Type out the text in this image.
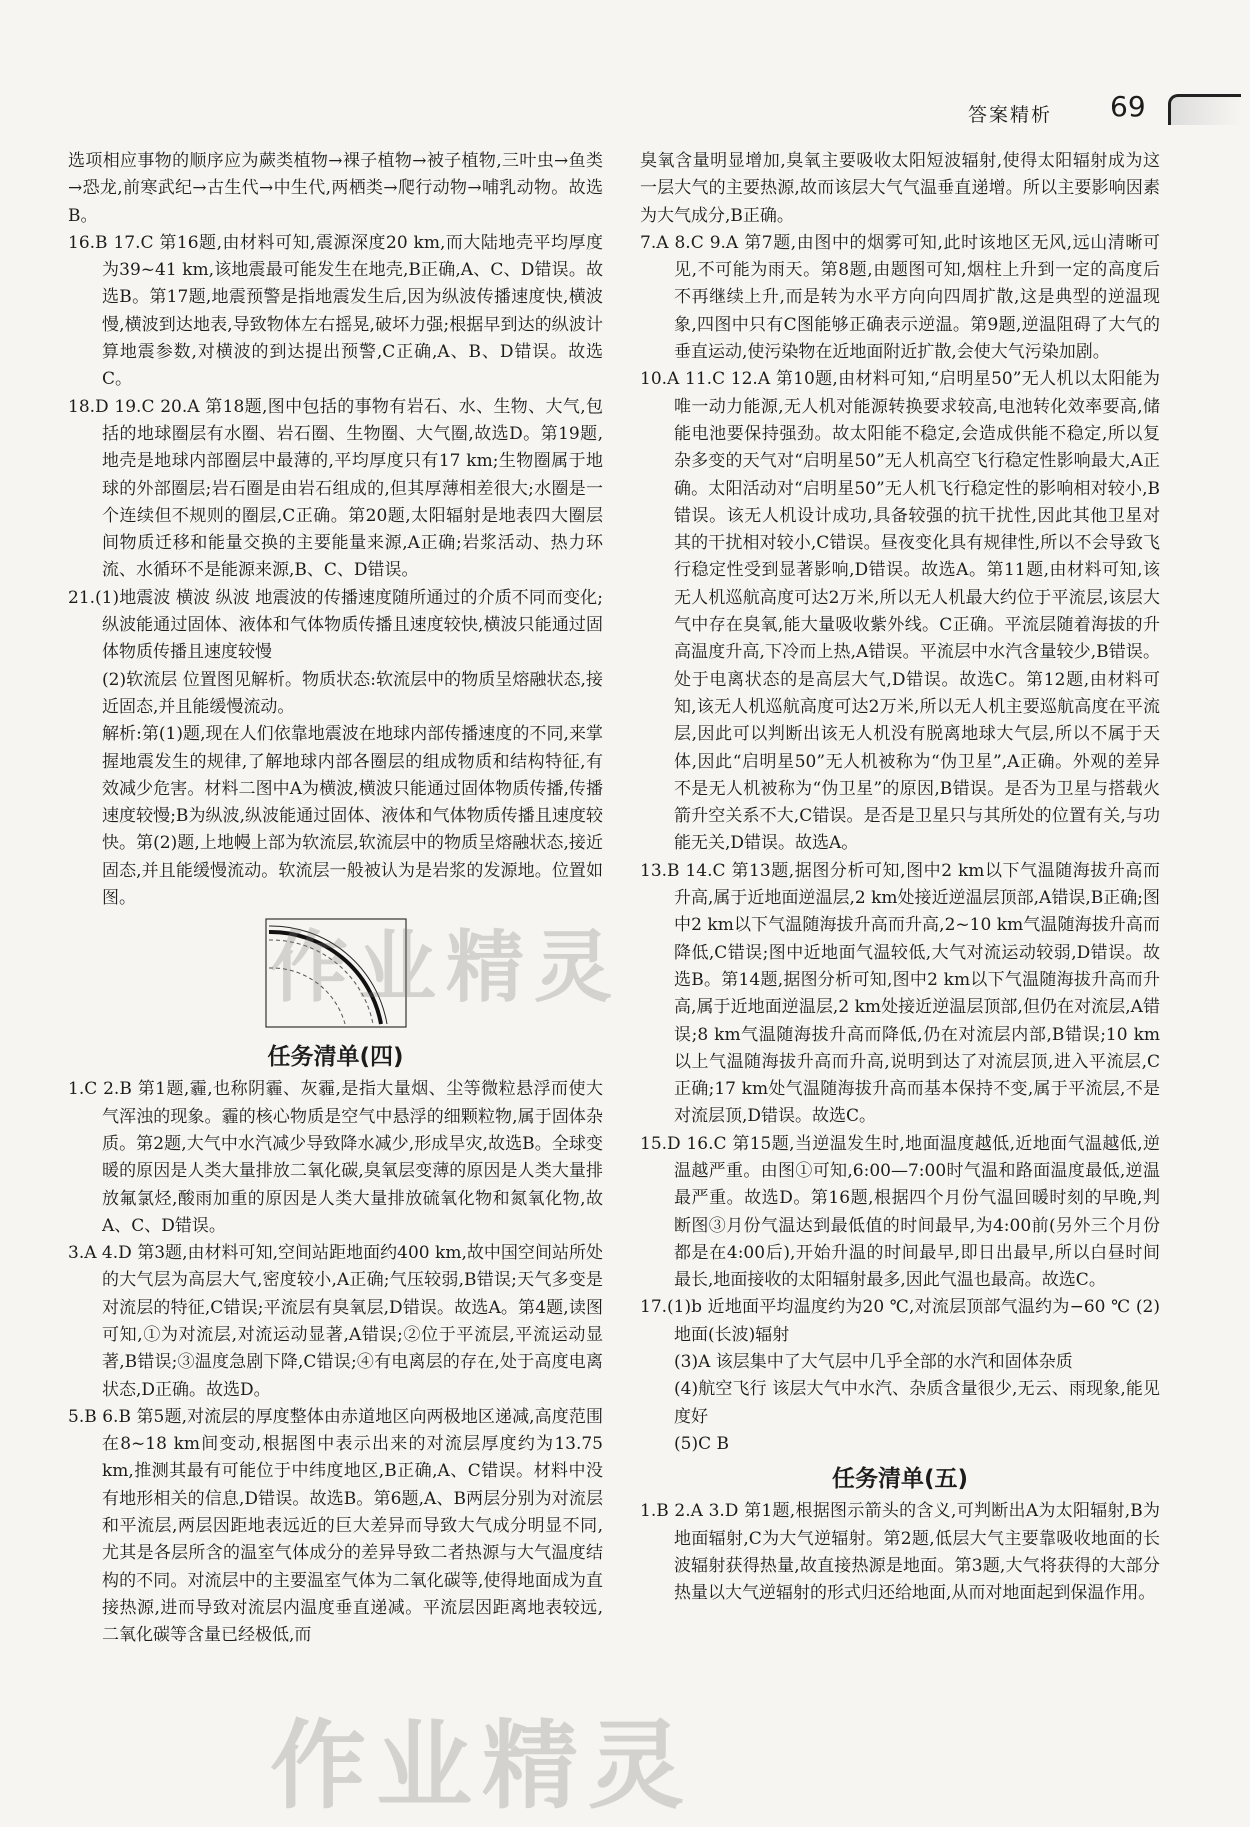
答案精析 69

选项相应事物的顺序应为蕨类植物→裸子植物→被子植物,三叶虫→鱼类→恐龙,前寒武纪→古生代→中生代,两栖类→爬行动物→哺乳动物。故选B。

16.B 17.C 第16题,由材料可知,震源深度20 km,而大陆地壳平均厚度为39~41 km,该地震最可能发生在地壳,B正确,A、C、D错误。故选B。第17题,地震预警是指地震发生后,因为纵波传播速度快,横波慢,横波到达地表,导致物体左右摇晃,破坏力强;根据早到达的纵波计算地震参数,对横波的到达提出预警,C正确,A、B、D错误。故选C。

18.D 19.C 20.A 第18题,图中包括的事物有岩石、水、生物、大气,包括的地球圈层有水圈、岩石圈、生物圈、大气圈,故选D。第19题,地壳是地球内部圈层中最薄的,平均厚度只有17 km;生物圈属于地球的外部圈层;岩石圈是由岩石组成的,但其厚薄相差很大;水圈是一个连续但不规则的圈层,C正确。第20题,太阳辐射是地表四大圈层间物质迁移和能量交换的主要能量来源,A正确;岩浆活动、热力环流、水循环不是能源来源,B、C、D错误。

21.(1)地震波 横波 纵波 地震波的传播速度随所通过的介质不同而变化;纵波能通过固体、液体和气体物质传播且速度较快,横波只能通过固体物质传播且速度较慢

(2)软流层 位置图见解析。物质状态:软流层中的物质呈熔融状态,接近固态,并且能缓慢流动。

解析:第(1)题,现在人们依靠地震波在地球内部传播速度的不同,来掌握地震发生的规律,了解地球内部各圈层的组成物质和结构特征,有效减少危害。材料二图中A为横波,横波只能通过固体物质传播,传播速度较慢;B为纵波,纵波能通过固体、液体和气体物质传播且速度较快。第(2)题,上地幔上部为软流层,软流层中的物质呈熔融状态,接近固态,并且能缓慢流动。软流层一般被认为是岩浆的发源地。位置如图。

任务清单(四)

1.C 2.B 第1题,霾,也称阴霾、灰霾,是指大量烟、尘等微粒悬浮而使大气浑浊的现象。霾的核心物质是空气中悬浮的细颗粒物,属于固体杂质。第2题,大气中水汽减少导致降水减少,形成旱灾,故选B。全球变暖的原因是人类大量排放二氧化碳,臭氧层变薄的原因是人类大量排放氟氯烃,酸雨加重的原因是人类大量排放硫氧化物和氮氧化物,故A、C、D错误。

3.A 4.D 第3题,由材料可知,空间站距地面约400 km,故中国空间站所处的大气层为高层大气,密度较小,A正确;气压较弱,B错误;天气多变是对流层的特征,C错误;平流层有臭氧层,D错误。故选A。第4题,读图可知,①为对流层,对流运动显著,A错误;②位于平流层,平流运动显著,B错误;③温度急剧下降,C错误;④有电离层的存在,处于高度电离状态,D正确。故选D。

5.B 6.B 第5题,对流层的厚度整体由赤道地区向两极地区递减,高度范围在8~18 km间变动,根据图中表示出来的对流层厚度约为13.75 km,推测其最有可能位于中纬度地区,B正确,A、C错误。材料中没有地形相关的信息,D错误。故选B。第6题,A、B两层分别为对流层和平流层,两层因距地表远近的巨大差异而导致大气成分明显不同,尤其是各层所含的温室气体成分的差异导致二者热源与大气温度结构的不同。对流层中的主要温室气体为二氧化碳等,使得地面成为直接热源,进而导致对流层内温度垂直递减。平流层因距离地表较远,二氧化碳等含量已经极低,而

臭氧含量明显增加,臭氧主要吸收太阳短波辐射,使得太阳辐射成为这一层大气的主要热源,故而该层大气气温垂直递增。所以主要影响因素为大气成分,B正确。

7.A 8.C 9.A 第7题,由图中的烟雾可知,此时该地区无风,远山清晰可见,不可能为雨天。第8题,由题图可知,烟柱上升到一定的高度后不再继续上升,而是转为水平方向向四周扩散,这是典型的逆温现象,四图中只有C图能够正确表示逆温。第9题,逆温阻碍了大气的垂直运动,使污染物在近地面附近扩散,会使大气污染加剧。

10.A 11.C 12.A 第10题,由材料可知,“启明星50”无人机以太阳能为唯一动力能源,无人机对能源转换要求较高,电池转化效率要高,储能电池要保持强劲。故太阳能不稳定,会造成供能不稳定,所以复杂多变的天气对“启明星50”无人机高空飞行稳定性影响最大,A正确。太阳活动对“启明星50”无人机飞行稳定性的影响相对较小,B错误。该无人机设计成功,具备较强的抗干扰性,因此其他卫星对其的干扰相对较小,C错误。昼夜变化具有规律性,所以不会导致飞行稳定性受到显著影响,D错误。故选A。第11题,由材料可知,该无人机巡航高度可达2万米,所以无人机最大约位于平流层,该层大气中存在臭氧,能大量吸收紫外线。C正确。平流层随着海拔的升高温度升高,下冷而上热,A错误。平流层中水汽含量较少,B错误。处于电离状态的是高层大气,D错误。故选C。第12题,由材料可知,该无人机巡航高度可达2万米,所以无人机主要巡航高度在平流层,因此可以判断出该无人机没有脱离地球大气层,所以不属于天体,因此“启明星50”无人机被称为“伪卫星”,A正确。外观的差异不是无人机被称为“伪卫星”的原因,B错误。是否为卫星与搭载火箭升空关系不大,C错误。是否是卫星只与其所处的位置有关,与功能无关,D错误。故选A。

13.B 14.C 第13题,据图分析可知,图中2 km以下气温随海拔升高而升高,属于近地面逆温层,2 km处接近逆温层顶部,A错误,B正确;图中2 km以下气温随海拔升高而升高,2~10 km气温随海拔升高而降低,C错误;图中近地面气温较低,大气对流运动较弱,D错误。故选B。第14题,据图分析可知,图中2 km以下气温随海拔升高而升高,属于近地面逆温层,2 km处接近逆温层顶部,但仍在对流层,A错误;8 km气温随海拔升高而降低,仍在对流层内部,B错误;10 km以上气温随海拔升高而升高,说明到达了对流层顶,进入平流层,C正确;17 km处气温随海拔升高而基本保持不变,属于平流层,不是对流层顶,D错误。故选C。

15.D 16.C 第15题,当逆温发生时,地面温度越低,近地面气温越低,逆温越严重。由图①可知,6:00—7:00时气温和路面温度最低,逆温最严重。故选D。第16题,根据四个月份气温回暖时刻的早晚,判断图③月份气温达到最低值的时间最早,为4:00前(另外三个月份都是在4:00后),开始升温的时间最早,即日出最早,所以白昼时间最长,地面接收的太阳辐射最多,因此气温也最高。故选C。

17.(1)b 近地面平均温度约为20 ℃,对流层顶部气温约为−60 ℃ (2)地面(长波)辐射

(3)A 该层集中了大气层中几乎全部的水汽和固体杂质

(4)航空飞行 该层大气中水汽、杂质含量很少,无云、雨现象,能见度好

(5)C B

任务清单(五)

1.B 2.A 3.D 第1题,根据图示箭头的含义,可判断出A为太阳辐射,B为地面辐射,C为大气逆辐射。第2题,低层大气主要靠吸收地面的长波辐射获得热量,故直接热源是地面。第3题,大气将获得的大部分热量以大气逆辐射的形式归还给地面,从而对地面起到保温作用。

作业精灵
作业精灵
